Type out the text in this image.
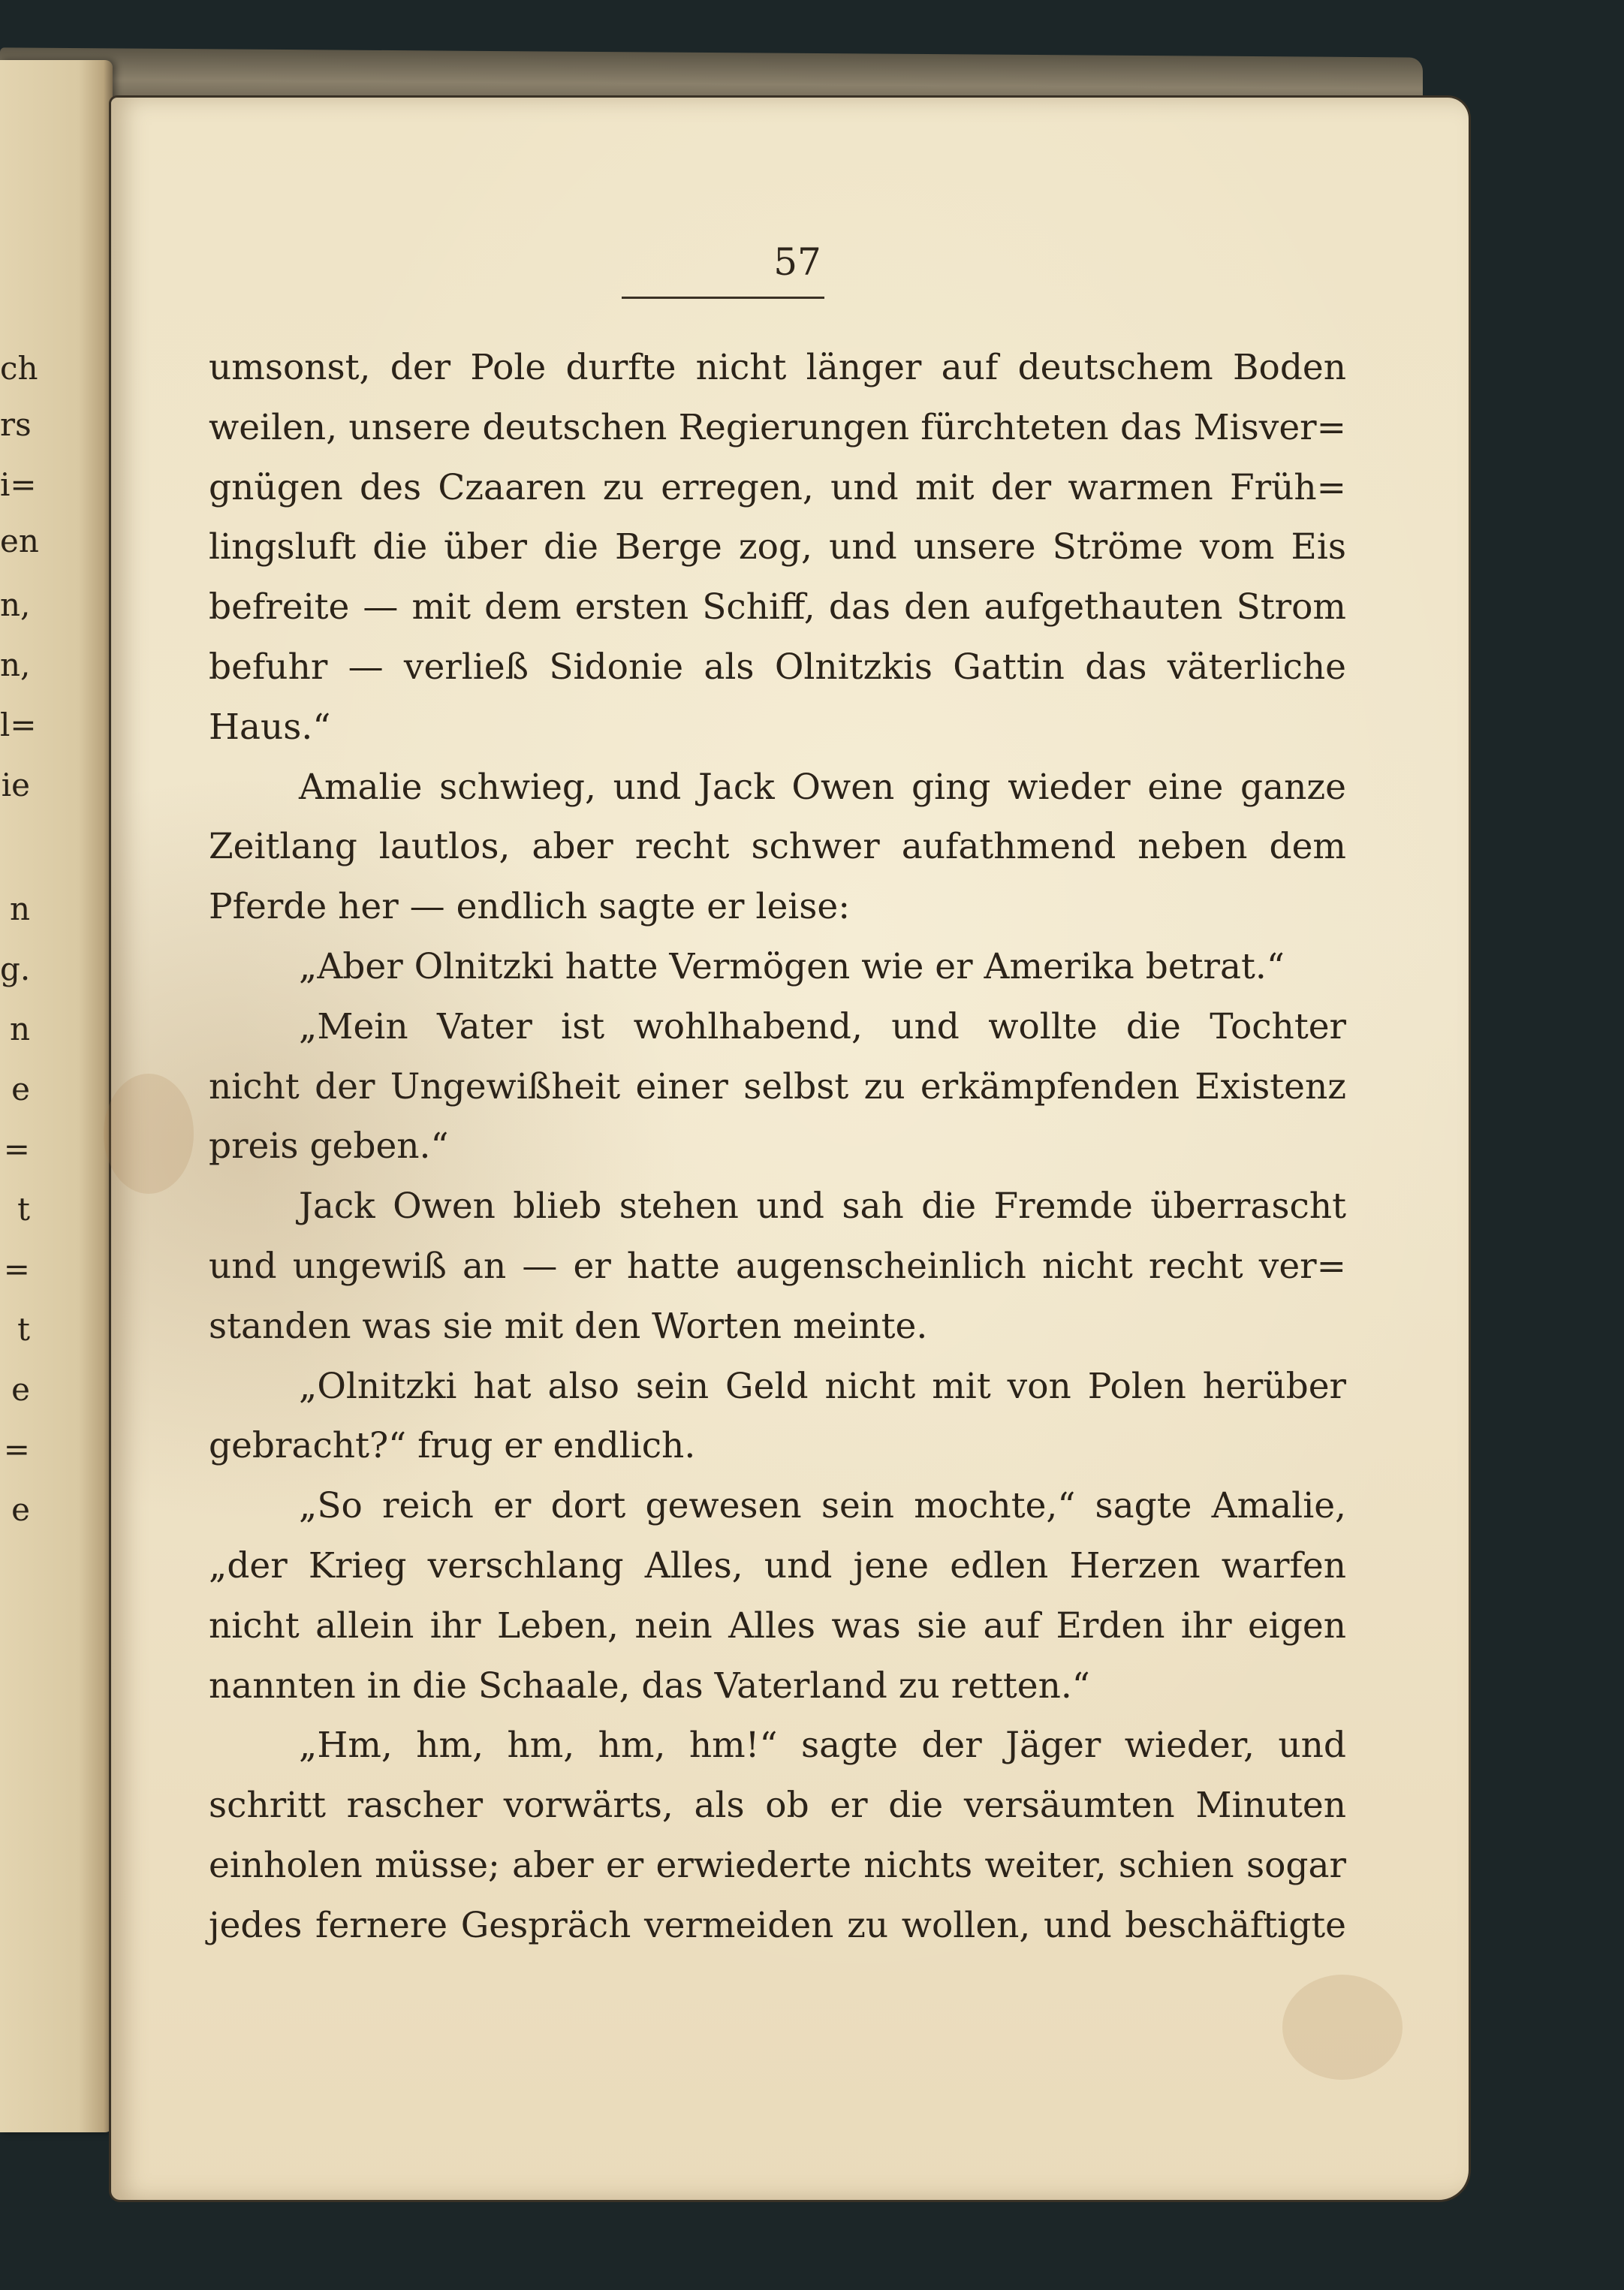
ch
rs
i=
en
n,
n,
l=
ie
n
g.
n
e
=
t
=
t
e
=
e
57
umsonst, der Pole durfte nicht länger auf deutschem Boden
weilen, unsere deutschen Regierungen fürchteten das Misver=
gnügen des Czaaren zu erregen, und mit der warmen Früh=
lingsluft die über die Berge zog, und unsere Ströme vom Eis
befreite — mit dem ersten Schiff, das den aufgethauten Strom
befuhr — verließ Sidonie als Olnitzkis Gattin das väterliche
Haus.“
Amalie schwieg, und Jack Owen ging wieder eine ganze
Zeitlang lautlos, aber recht schwer aufathmend neben dem
Pferde her — endlich sagte er leise:
„Aber Olnitzki hatte Vermögen wie er Amerika betrat.“
„Mein Vater ist wohlhabend, und wollte die Tochter
nicht der Ungewißheit einer selbst zu erkämpfenden Existenz
preis geben.“
Jack Owen blieb stehen und sah die Fremde überrascht
und ungewiß an — er hatte augenscheinlich nicht recht ver=
standen was sie mit den Worten meinte.
„Olnitzki hat also sein Geld nicht mit von Polen herüber
gebracht?“ frug er endlich.
„So reich er dort gewesen sein mochte,“ sagte Amalie,
„der Krieg verschlang Alles, und jene edlen Herzen warfen
nicht allein ihr Leben, nein Alles was sie auf Erden ihr eigen
nannten in die Schaale, das Vaterland zu retten.“
„Hm, hm, hm, hm, hm!“ sagte der Jäger wieder, und
schritt rascher vorwärts, als ob er die versäumten Minuten
einholen müsse; aber er erwiederte nichts weiter, schien sogar
jedes fernere Gespräch vermeiden zu wollen, und beschäftigte
